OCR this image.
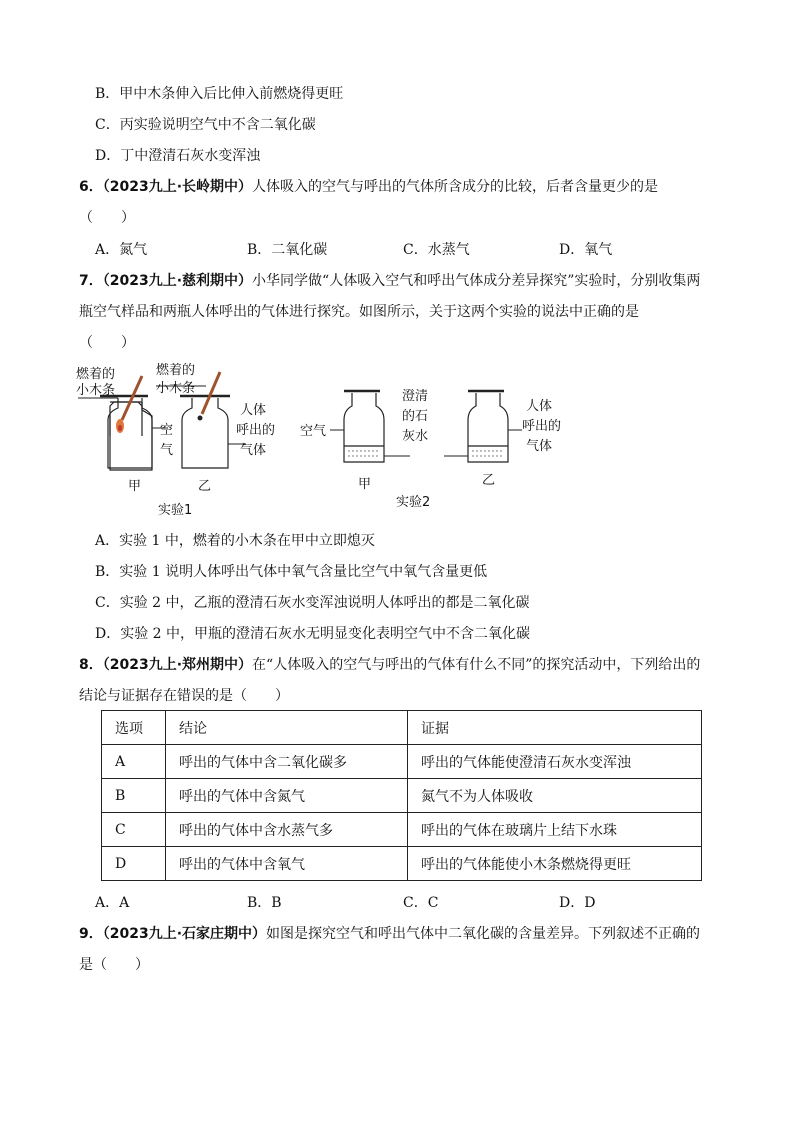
B．甲中木条伸入后比伸入前燃烧得更旺
C．丙实验说明空气中不含二氧化碳
D．丁中澄清石灰水变浑浊
6．（2023九上·长岭期中）人体吸入的空气与呼出的气体所含成分的比较，后者含量更少的是
（　　）
A．氮气	B．二氧化碳	C．水蒸气	D．氧气
7．（2023九上·慈利期中）小华同学做“人体吸入空气和呼出气体成分差异探究”实验时，分别收集两
瓶空气样品和两瓶人体呼出的气体进行探究。如图所示，关于这两个实验的说法中正确的是
（　　）
燃着的
小木条
燃着的
小木条
空
气
人体
呼出的
气体
甲	乙
实验1
空气
澄清
的石
灰水
人体
呼出的
气体
甲	乙
实验2
A．实验 1 中，燃着的小木条在甲中立即熄灭
B．实验 1 说明人体呼出气体中氧气含量比空气中氧气含量更低
C．实验 2 中，乙瓶的澄清石灰水变浑浊说明人体呼出的都是二氧化碳
D．实验 2 中，甲瓶的澄清石灰水无明显变化表明空气中不含二氧化碳
8．（2023九上·郑州期中）在“人体吸入的空气与呼出的气体有什么不同”的探究活动中，下列给出的
结论与证据存在错误的是（　　）
选项	结论	证据
A	呼出的气体中含二氧化碳多	呼出的气体能使澄清石灰水变浑浊
B	呼出的气体中含氮气	氮气不为人体吸收
C	呼出的气体中含水蒸气多	呼出的气体在玻璃片上结下水珠
D	呼出的气体中含氧气	呼出的气体能使小木条燃烧得更旺
A．A	B．B	C．C	D．D
9．（2023九上·石家庄期中）如图是探究空气和呼出气体中二氧化碳的含量差异。下列叙述不正确的
是（　　）
